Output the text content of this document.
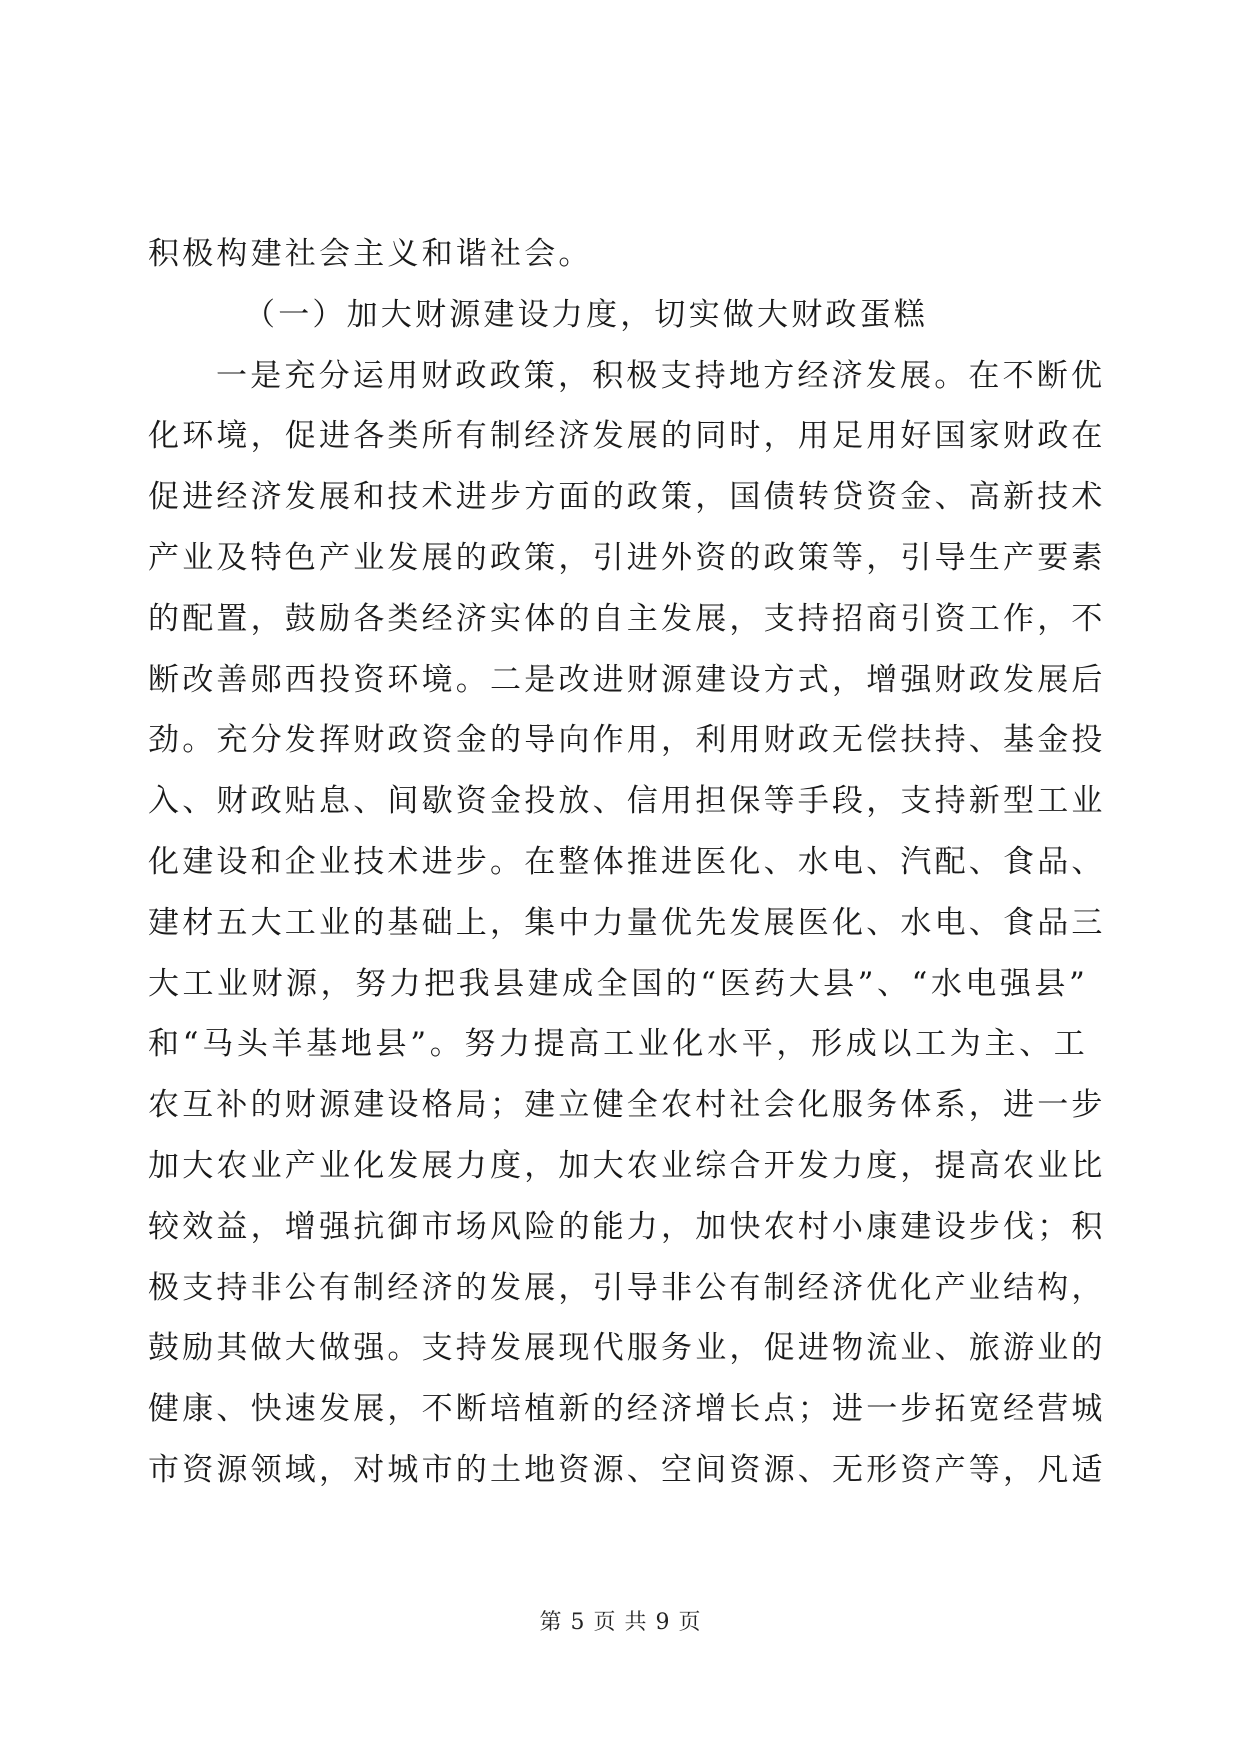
积极构建社会主义和谐社会。
（一）加大财源建设力度，切实做大财政蛋糕
一是充分运用财政政策，积极支持地方经济发展。在不断优
化环境，促进各类所有制经济发展的同时，用足用好国家财政在
促进经济发展和技术进步方面的政策，国债转贷资金、高新技术
产业及特色产业发展的政策，引进外资的政策等，引导生产要素
的配置，鼓励各类经济实体的自主发展，支持招商引资工作，不
断改善郧西投资环境。二是改进财源建设方式，增强财政发展后
劲。充分发挥财政资金的导向作用，利用财政无偿扶持、基金投
入、财政贴息、间歇资金投放、信用担保等手段，支持新型工业
化建设和企业技术进步。在整体推进医化、水电、汽配、食品、
建材五大工业的基础上，集中力量优先发展医化、水电、食品三
大工业财源，努力把我县建成全国的“医药大县”、“水电强县”
和“马头羊基地县”。努力提高工业化水平，形成以工为主、工
农互补的财源建设格局；建立健全农村社会化服务体系，进一步
加大农业产业化发展力度，加大农业综合开发力度，提高农业比
较效益，增强抗御市场风险的能力，加快农村小康建设步伐；积
极支持非公有制经济的发展，引导非公有制经济优化产业结构，
鼓励其做大做强。支持发展现代服务业，促进物流业、旅游业的
健康、快速发展，不断培植新的经济增长点；进一步拓宽经营城
市资源领域，对城市的土地资源、空间资源、无形资产等，凡适
第 5 页 共 9 页
